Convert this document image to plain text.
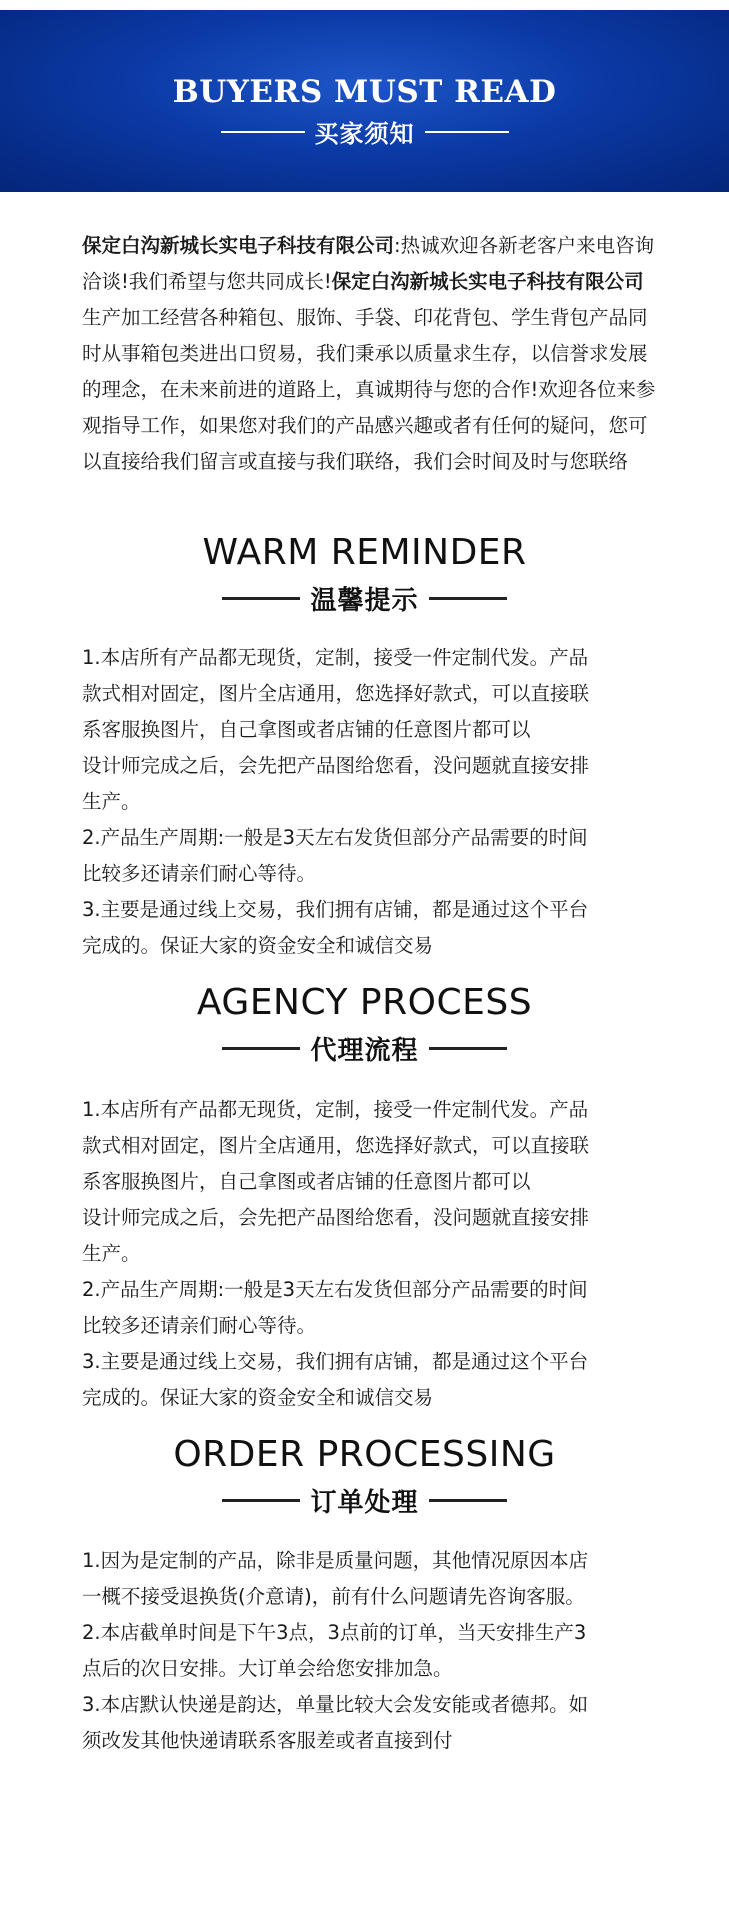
BUYERS MUST READ
买家须知
保定白沟新城长实电子科技有限公司:热诚欢迎各新老客户来电咨询洽谈!我们希望与您共同成长!保定白沟新城长实电子科技有限公司生产加工经营各种箱包、服饰、手袋、印花背包、学生背包产品同时从事箱包类进出口贸易，我们秉承以质量求生存，以信誉求发展的理念，在未来前进的道路上，真诚期待与您的合作!欢迎各位来参观指导工作，如果您对我们的产品感兴趣或者有任何的疑问，您可以直接给我们留言或直接与我们联络，我们会时间及时与您联络
WARM REMINDER
温馨提示
1.本店所有产品都无现货，定制，接受一件定制代发。产品
款式相对固定，图片全店通用，您选择好款式，可以直接联
系客服换图片，自己拿图或者店铺的任意图片都可以
设计师完成之后，会先把产品图给您看，没问题就直接安排
生产。
2.产品生产周期:一般是3天左右发货但部分产品需要的时间
比较多还请亲们耐心等待。
3.主要是通过线上交易，我们拥有店铺，都是通过这个平台
完成的。保证大家的资金安全和诚信交易
AGENCY PROCESS
代理流程
1.本店所有产品都无现货，定制，接受一件定制代发。产品
款式相对固定，图片全店通用，您选择好款式，可以直接联
系客服换图片，自己拿图或者店铺的任意图片都可以
设计师完成之后，会先把产品图给您看，没问题就直接安排
生产。
2.产品生产周期:一般是3天左右发货但部分产品需要的时间
比较多还请亲们耐心等待。
3.主要是通过线上交易，我们拥有店铺，都是通过这个平台
完成的。保证大家的资金安全和诚信交易
ORDER PROCESSING
订单处理
1.因为是定制的产品，除非是质量问题，其他情况原因本店
一概不接受退换货(介意请)，前有什么问题请先咨询客服。
2.本店截单时间是下午3点，3点前的订单，当天安排生产3
点后的次日安排。大订单会给您安排加急。
3.本店默认快递是韵达，单量比较大会发安能或者德邦。如
须改发其他快递请联系客服差或者直接到付
